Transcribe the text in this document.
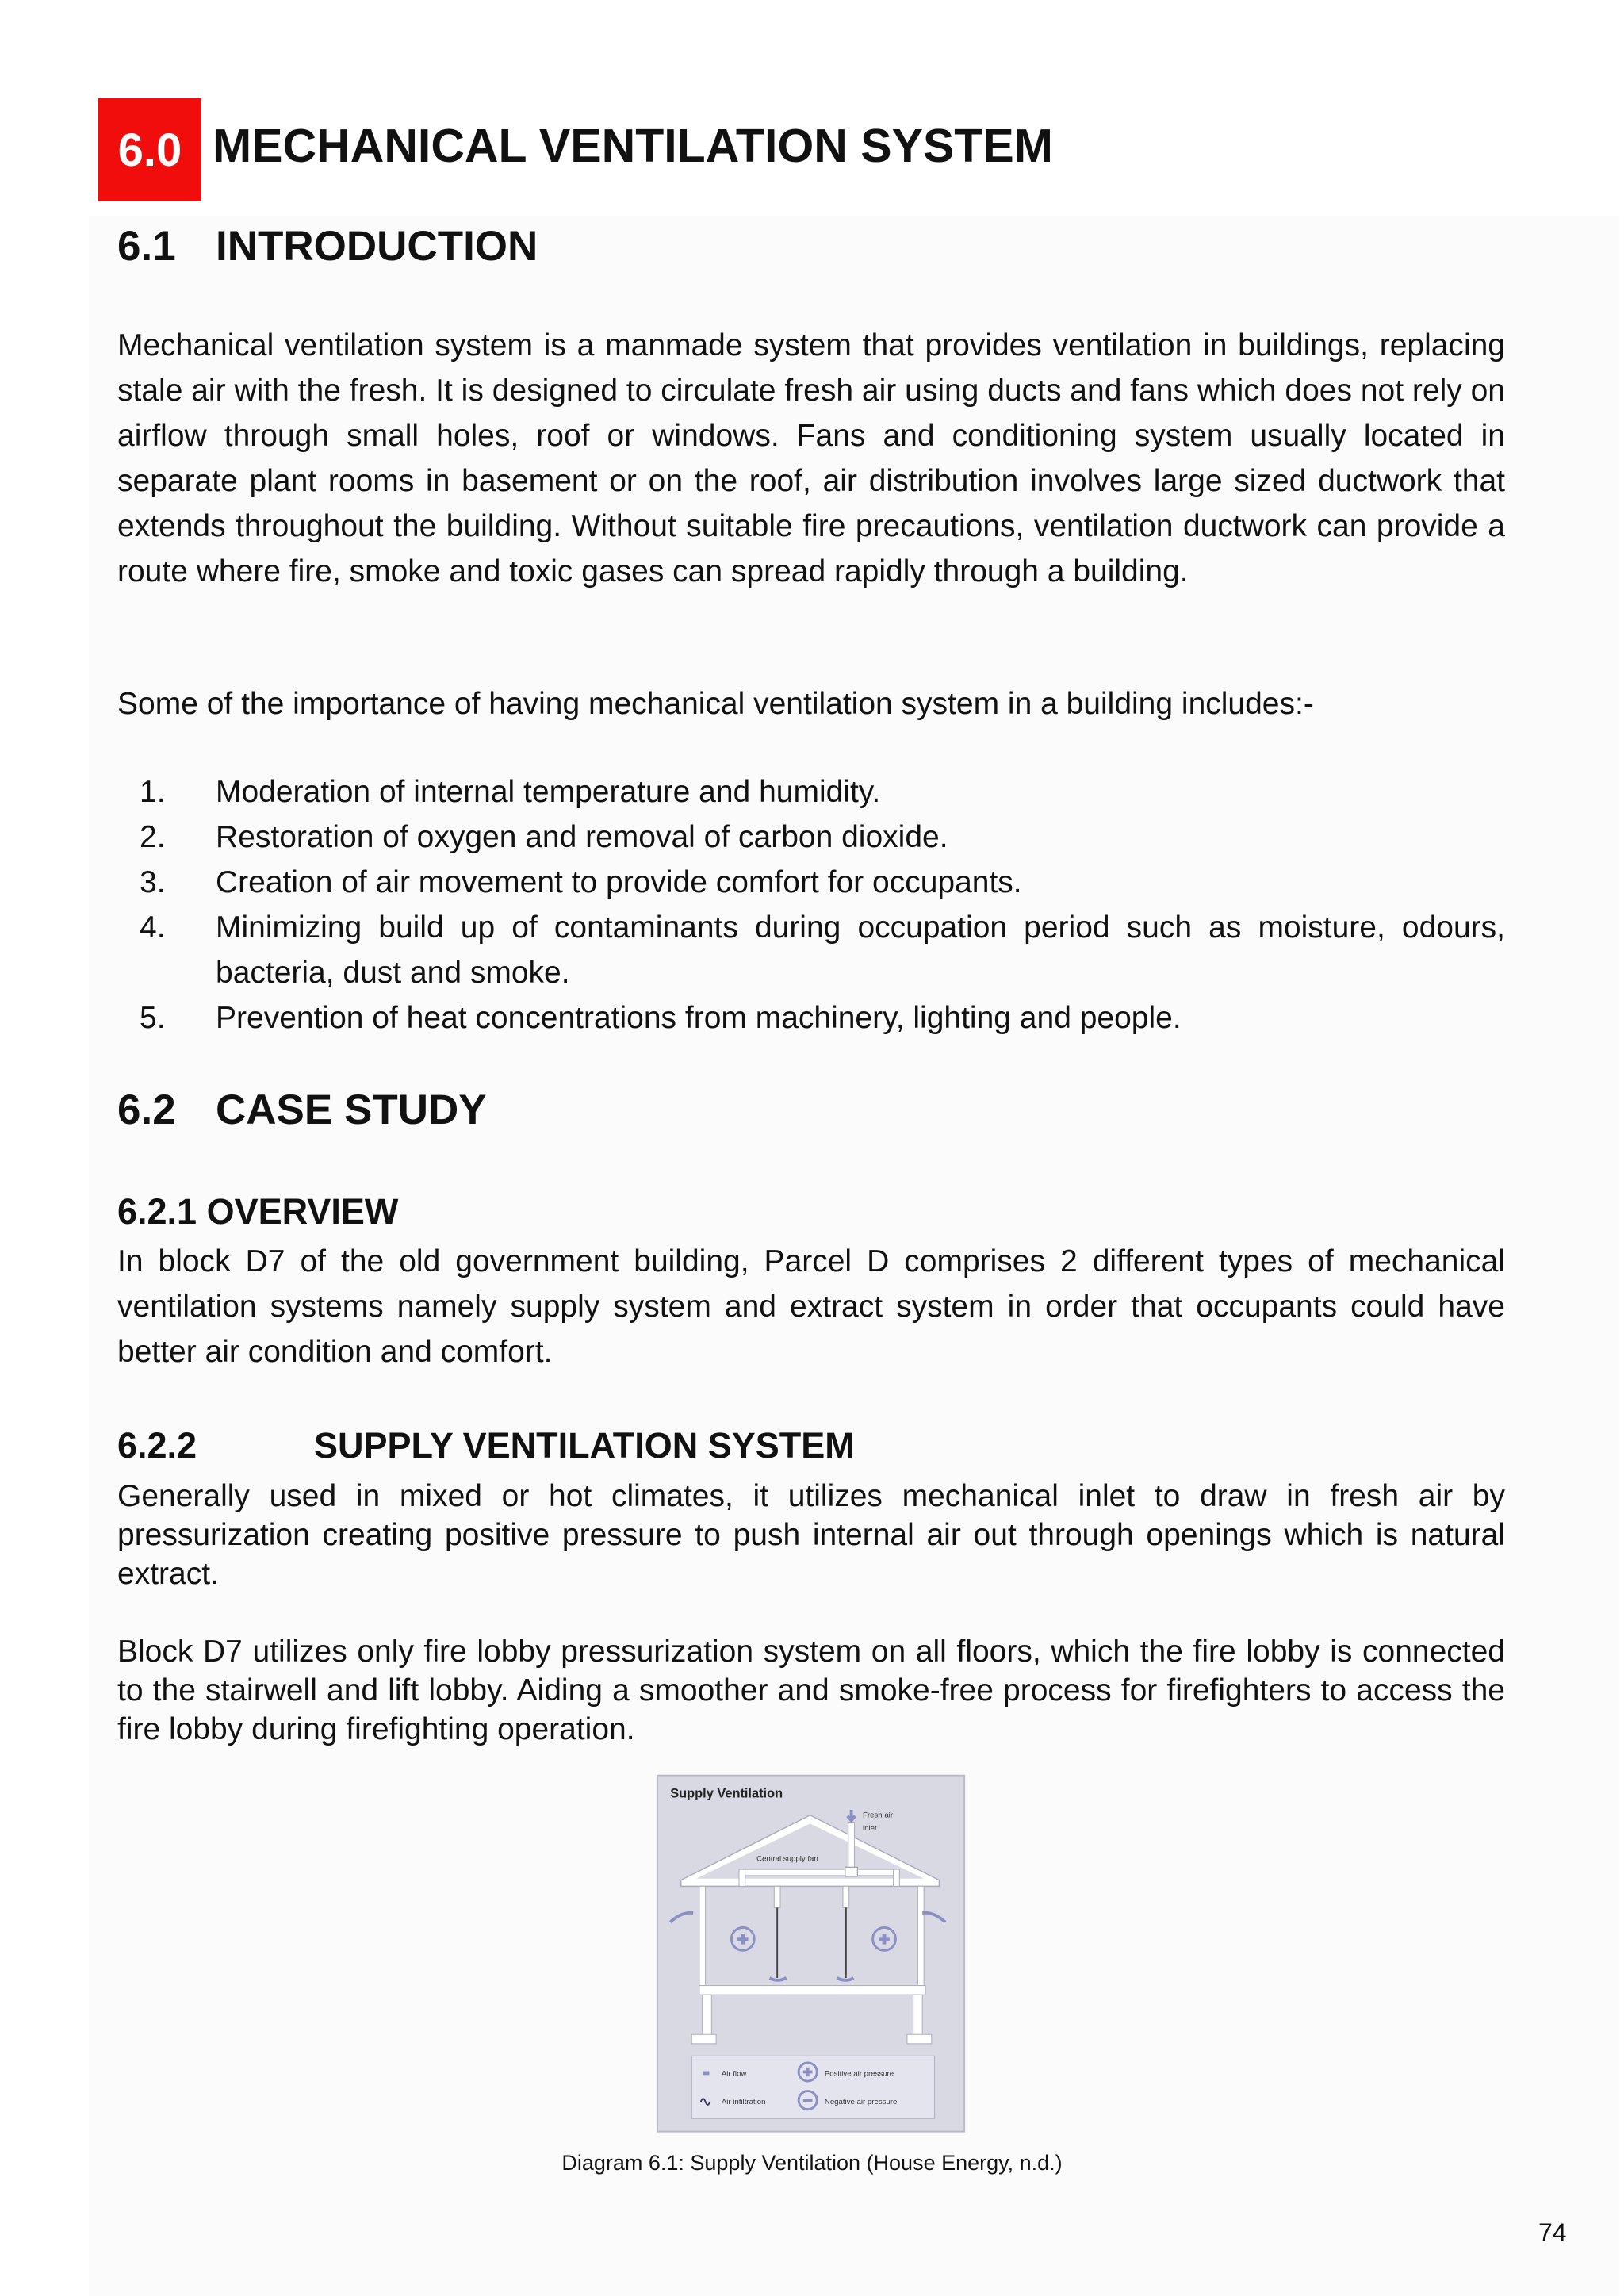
6.0 MECHANICAL VENTILATION SYSTEM
6.1 INTRODUCTION
Mechanical ventilation system is a manmade system that provides ventilation in buildings, replacing stale air with the fresh. It is designed to circulate fresh air using ducts and fans which does not rely on airflow through small holes, roof or windows. Fans and conditioning system usually located in separate plant rooms in basement or on the roof, air distribution involves large sized ductwork that extends throughout the building. Without suitable fire precautions, ventilation ductwork can provide a route where fire, smoke and toxic gases can spread rapidly through a building.
Some of the importance of having mechanical ventilation system in a building includes:-
1.	Moderation of internal temperature and humidity.
2.	Restoration of oxygen and removal of carbon dioxide.
3.	Creation of air movement to provide comfort for occupants.
4.	Minimizing build up of contaminants during occupation period such as moisture, odours, bacteria, dust and smoke.
5.	Prevention of heat concentrations from machinery, lighting and people.
6.2 CASE STUDY
6.2.1 OVERVIEW
In block D7 of the old government building, Parcel D comprises 2 different types of mechanical ventilation systems namely supply system and extract system in order that occupants could have better air condition and comfort.
6.2.2	SUPPLY VENTILATION SYSTEM
Generally used in mixed or hot climates, it utilizes mechanical inlet to draw in fresh air by pressurization creating positive pressure to push internal air out through openings which is natural extract.
Block D7 utilizes only fire lobby pressurization system on all floors, which the fire lobby is connected to the stairwell and lift lobby. Aiding a smoother and smoke-free process for firefighters to access the fire lobby during firefighting operation.
Supply Ventilation
Central supply fan
Fresh air
inlet
Air flow
Air infiltration
Positive air pressure
Negative air pressure
Diagram 6.1: Supply Ventilation (House Energy, n.d.)
74
